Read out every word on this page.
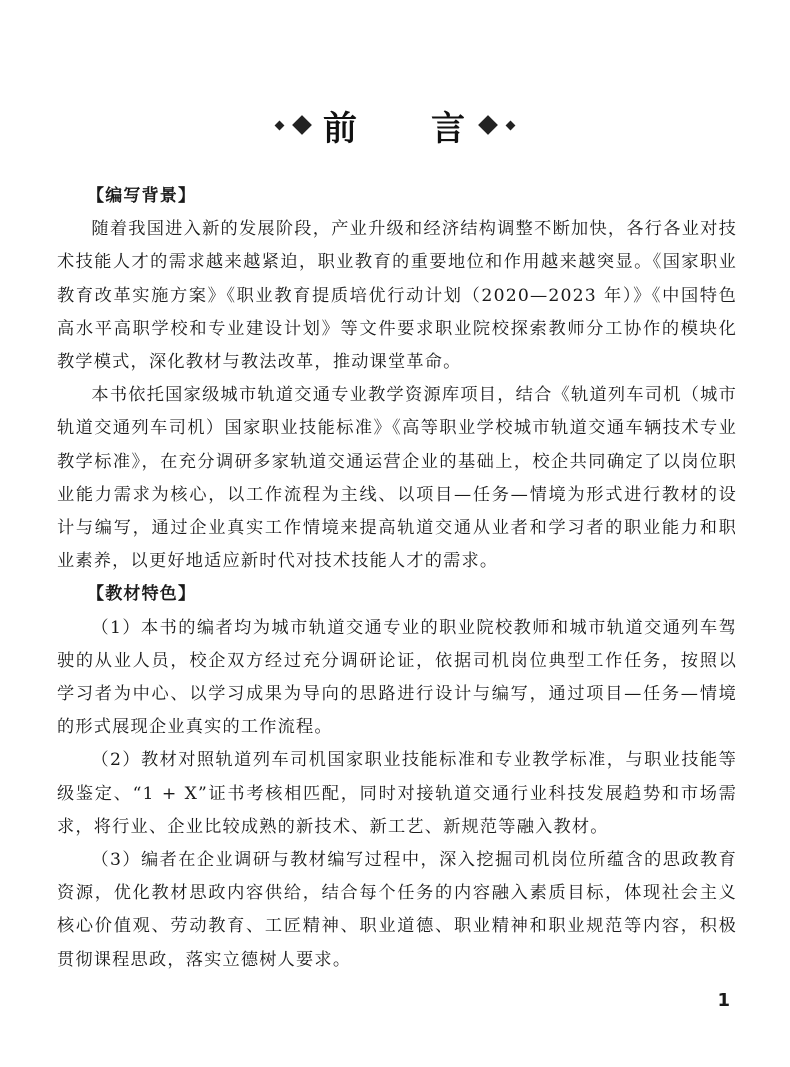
前 言
【编写背景】

随着我国进入新的发展阶段，产业升级和经济结构调整不断加快，各行各业对技术技能人才的需求越来越紧迫，职业教育的重要地位和作用越来越突显。《国家职业教育改革实施方案》《职业教育提质培优行动计划（2020—2023 年）》《中国特色高水平高职学校和专业建设计划》等文件要求职业院校探索教师分工协作的模块化教学模式，深化教材与教法改革，推动课堂革命。

本书依托国家级城市轨道交通专业教学资源库项目，结合《轨道列车司机（城市轨道交通列车司机）国家职业技能标准》《高等职业学校城市轨道交通车辆技术专业教学标准》，在充分调研多家轨道交通运营企业的基础上，校企共同确定了以岗位职业能力需求为核心，以工作流程为主线、以项目—任务—情境为形式进行教材的设计与编写，通过企业真实工作情境来提高轨道交通从业者和学习者的职业能力和职业素养，以更好地适应新时代对技术技能人才的需求。

【教材特色】

（1）本书的编者均为城市轨道交通专业的职业院校教师和城市轨道交通列车驾驶的从业人员，校企双方经过充分调研论证，依据司机岗位典型工作任务，按照以学习者为中心、以学习成果为导向的思路进行设计与编写，通过项目—任务—情境的形式展现企业真实的工作流程。

（2）教材对照轨道列车司机国家职业技能标准和专业教学标准，与职业技能等级鉴定、“1 + X”证书考核相匹配，同时对接轨道交通行业科技发展趋势和市场需求，将行业、企业比较成熟的新技术、新工艺、新规范等融入教材。

（3）编者在企业调研与教材编写过程中，深入挖掘司机岗位所蕴含的思政教育资源，优化教材思政内容供给，结合每个任务的内容融入素质目标，体现社会主义核心价值观、劳动教育、工匠精神、职业道德、职业精神和职业规范等内容，积极贯彻课程思政，落实立德树人要求。

1
